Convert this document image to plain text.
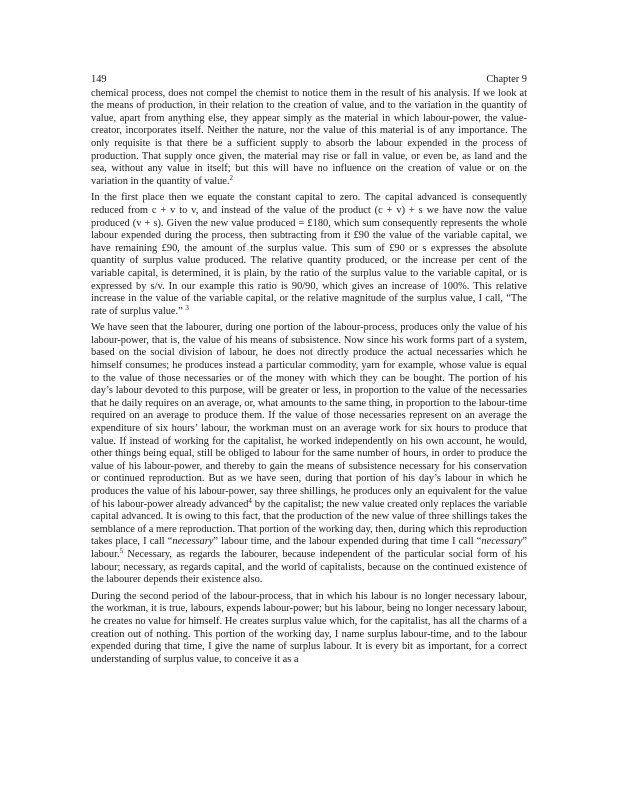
149	Chapter 9

chemical process, does not compel the chemist to notice them in the result of his analysis. If we look at the means of production, in their relation to the creation of value, and to the variation in the quantity of value, apart from anything else, they appear simply as the material in which labour-power, the value-creator, incorporates itself. Neither the nature, nor the value of this material is of any importance. The only requisite is that there be a sufficient supply to absorb the labour expended in the process of production. That supply once given, the material may rise or fall in value, or even be, as land and the sea, without any value in itself; but this will have no influence on the creation of value or on the variation in the quantity of value.$^2$

In the first place then we equate the constant capital to zero. The capital advanced is consequently reduced from c + v to v, and instead of the value of the product (c + v) + s we have now the value produced (v + s). Given the new value produced = £180, which sum consequently represents the whole labour expended during the process, then subtracting from it £90 the value of the variable capital, we have remaining £90, the amount of the surplus value. This sum of £90 or s expresses the absolute quantity of surplus value produced. The relative quantity produced, or the increase per cent of the variable capital, is determined, it is plain, by the ratio of the surplus value to the variable capital, or is expressed by s/v. In our example this ratio is 90/90, which gives an increase of 100%. This relative increase in the value of the variable capital, or the relative magnitude of the surplus value, I call, “The rate of surplus value.” $^3$

We have seen that the labourer, during one portion of the labour-process, produces only the value of his labour-power, that is, the value of his means of subsistence. Now since his work forms part of a system, based on the social division of labour, he does not directly produce the actual necessaries which he himself consumes; he produces instead a particular commodity, yarn for example, whose value is equal to the value of those necessaries or of the money with which they can be bought. The portion of his day’s labour devoted to this purpose, will be greater or less, in proportion to the value of the necessaries that he daily requires on an average, or, what amounts to the same thing, in proportion to the labour-time required on an average to produce them. If the value of those necessaries represent on an average the expenditure of six hours’ labour, the workman must on an average work for six hours to produce that value. If instead of working for the capitalist, he worked independently on his own account, he would, other things being equal, still be obliged to labour for the same number of hours, in order to produce the value of his labour-power, and thereby to gain the means of subsistence necessary for his conservation or continued reproduction. But as we have seen, during that portion of his day’s labour in which he produces the value of his labour-power, say three shillings, he produces only an equivalent for the value of his labour-power already advanced$^4$ by the capitalist; the new value created only replaces the variable capital advanced. It is owing to this fact, that the production of the new value of three shillings takes the semblance of a mere reproduction. That portion of the working day, then, during which this reproduction takes place, I call “necessary” labour time, and the labour expended during that time I call “necessary” labour.$^5$ Necessary, as regards the labourer, because independent of the particular social form of his labour; necessary, as regards capital, and the world of capitalists, because on the continued existence of the labourer depends their existence also.

During the second period of the labour-process, that in which his labour is no longer necessary labour, the workman, it is true, labours, expends labour-power; but his labour, being no longer necessary labour, he creates no value for himself. He creates surplus value which, for the capitalist, has all the charms of a creation out of nothing. This portion of the working day, I name surplus labour-time, and to the labour expended during that time, I give the name of surplus labour. It is every bit as important, for a correct understanding of surplus value, to conceive it as a
